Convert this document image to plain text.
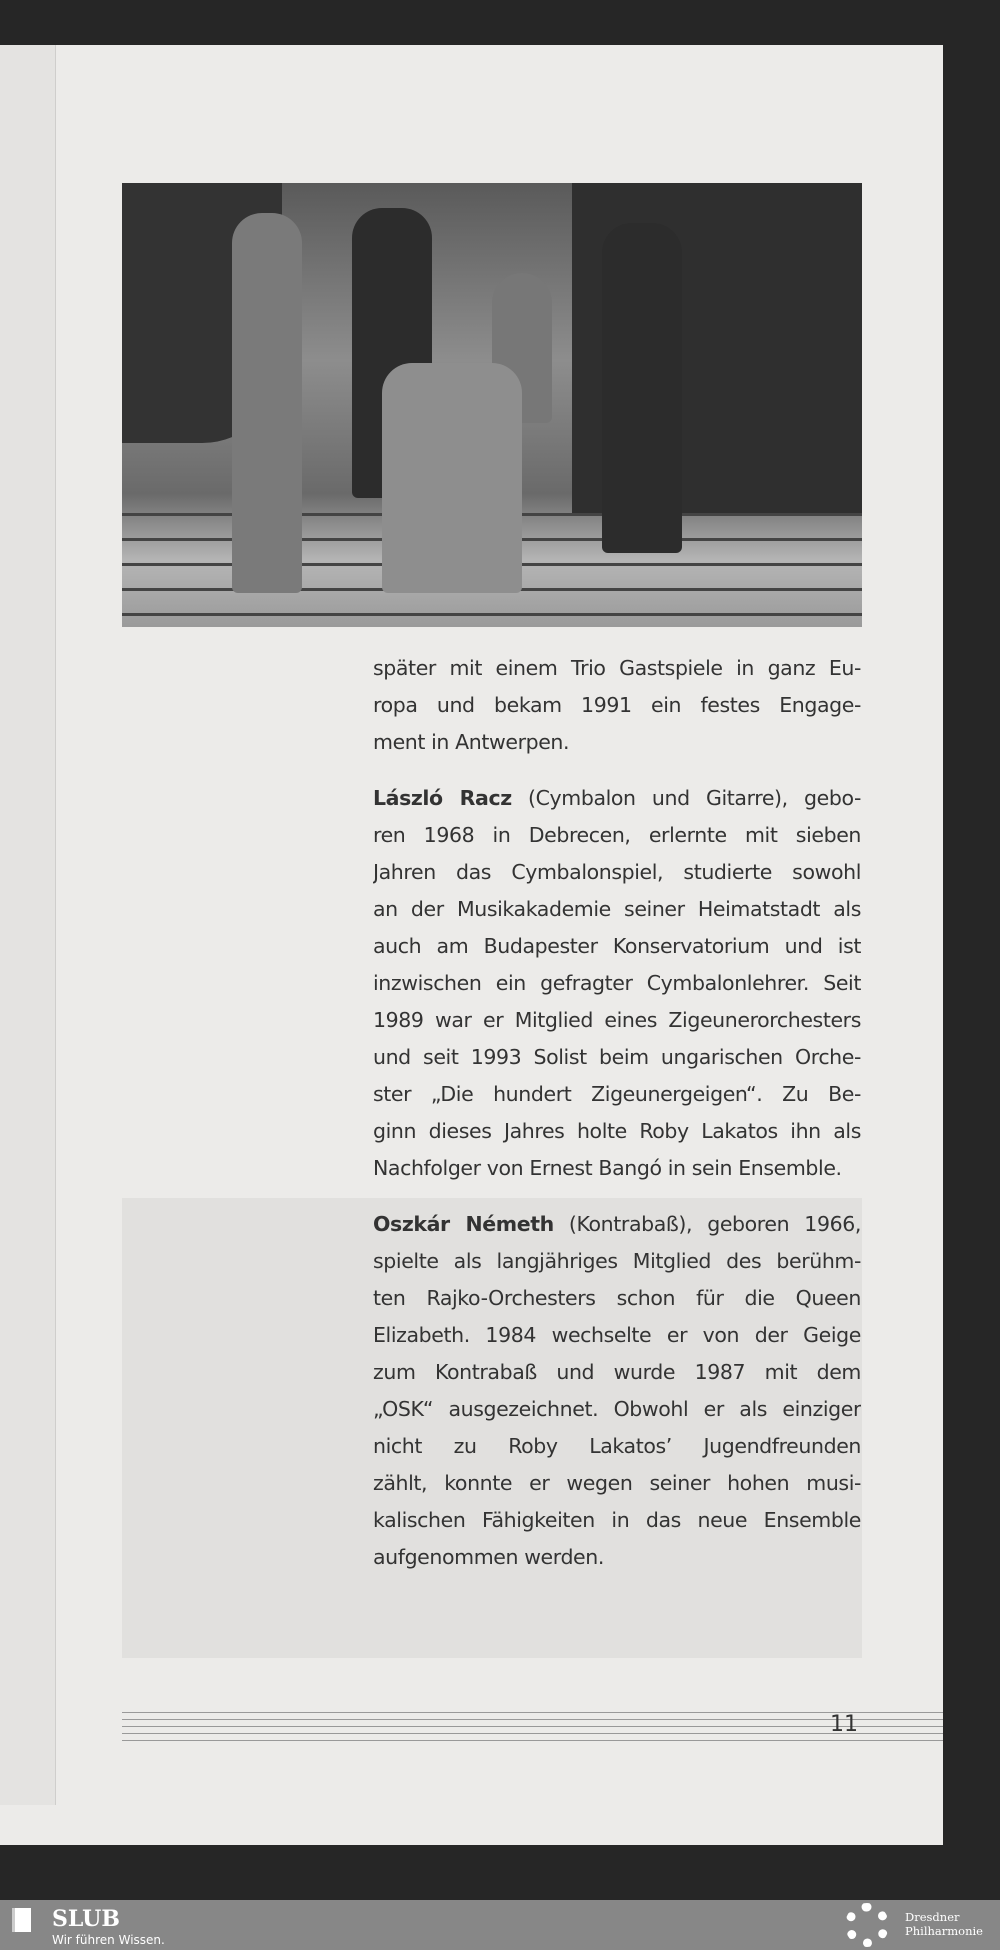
später mit einem Trio Gastspiele in ganz Eu-
ropa und bekam 1991 ein festes Engage-
ment in Antwerpen.
László Racz (Cymbalon und Gitarre), gebo-
ren 1968 in Debrecen, erlernte mit sieben
Jahren das Cymbalonspiel, studierte sowohl
an der Musikakademie seiner Heimatstadt als
auch am Budapester Konservatorium und ist
inzwischen ein gefragter Cymbalonlehrer. Seit
1989 war er Mitglied eines Zigeunerorchesters
und seit 1993 Solist beim ungarischen Orche-
ster „Die hundert Zigeunergeigen“. Zu Be-
ginn dieses Jahres holte Roby Lakatos ihn als
Nachfolger von Ernest Bangó in sein Ensemble.
Oszkár Németh (Kontrabaß), geboren 1966,
spielte als langjähriges Mitglied des berühm-
ten Rajko-Orchesters schon für die Queen
Elizabeth. 1984 wechselte er von der Geige
zum Kontrabaß und wurde 1987 mit dem
„OSK“ ausgezeichnet. Obwohl er als einziger
nicht zu Roby Lakatos’ Jugendfreunden
zählt, konnte er wegen seiner hohen musi-
kalischen Fähigkeiten in das neue Ensemble
aufgenommen werden.
11
SLUB
Wir führen Wissen.
Dresdner
Philharmonie
